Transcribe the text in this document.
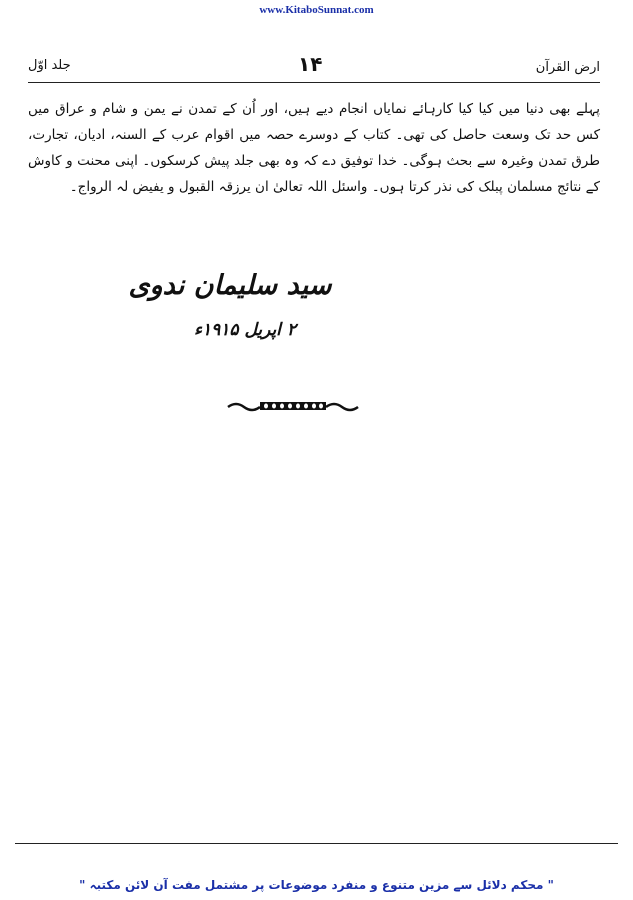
www.KitaboSunnat.com
جلد اوّل	۱۴	ارض القرآن

پہلے بھی دنیا میں کیا کیا کارہائے نمایاں انجام دیے ہیں، اور اُن کے تمدن نے یمن و شام و عراق میں کس حد تک وسعت حاصل کی تھی۔ کتاب کے دوسرے حصہ میں اقوام عرب کے السنہ، ادیان، تجارت، طرق تمدن وغیرہ سے بحث ہوگی۔ خدا توفیق دے کہ وہ بھی جلد پیش کرسکوں۔ اپنی محنت و کاوش کے نتائج مسلمان پبلک کی نذر کرتا ہوں۔ واسئل اللہ تعالیٰ ان یرزقہ القبول و یفیض لہ الرواج۔

سید سلیمان ندوی
۲ اپریل ۱۹۱۵ء
" محکم دلائل سے مزین متنوع و منفرد موضوعات پر مشتمل مفت آن لائن مکتبہ "
